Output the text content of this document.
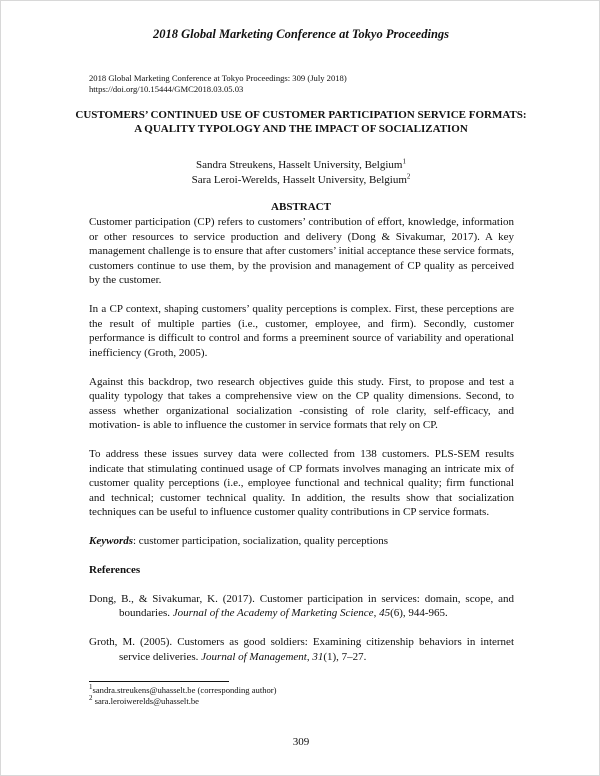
2018 Global Marketing Conference at Tokyo Proceedings
2018 Global Marketing Conference at Tokyo Proceedings: 309 (July 2018)
https://doi.org/10.15444/GMC2018.03.05.03
CUSTOMERS’ CONTINUED USE OF CUSTOMER PARTICIPATION SERVICE FORMATS: A QUALITY TYPOLOGY AND THE IMPACT OF SOCIALIZATION
Sandra Streukens, Hasselt University, Belgium$^1$
Sara Leroi-Werelds, Hasselt University, Belgium$^2$
ABSTRACT

Customer participation (CP) refers to customers’ contribution of effort, knowledge, information or other resources to service production and delivery (Dong & Sivakumar, 2017). A key management challenge is to ensure that after customers’ initial acceptance these service formats, customers continue to use them, by the provision and management of CP quality as perceived by the customer.

In a CP context, shaping customers’ quality perceptions is complex. First, these perceptions are the result of multiple parties (i.e., customer, employee, and firm). Secondly, customer performance is difficult to control and forms a preeminent source of variability and operational inefficiency (Groth, 2005).

Against this backdrop, two research objectives guide this study. First, to propose and test a quality typology that takes a comprehensive view on the CP quality dimensions. Second, to assess whether organizational socialization -consisting of role clarity, self-efficacy, and motivation- is able to influence the customer in service formats that rely on CP.

To address these issues survey data were collected from 138 customers. PLS-SEM results indicate that stimulating continued usage of CP formats involves managing an intricate mix of customer quality perceptions (i.e., employee functional and technical quality; firm functional and technical; customer technical quality. In addition, the results show that socialization techniques can be useful to influence customer quality contributions in CP service formats.

Keywords: customer participation, socialization, quality perceptions

References

Dong, B., & Sivakumar, K. (2017). Customer participation in services: domain, scope, and boundaries. Journal of the Academy of Marketing Science, 45(6), 944-965.

Groth, M. (2005). Customers as good soldiers: Examining citizenship behaviors in internet service deliveries. Journal of Management, 31(1), 7–27.

$^1$sandra.streukens@uhasselt.be (corresponding author)
$^2$ sara.leroiwerelds@uhasselt.be
309
